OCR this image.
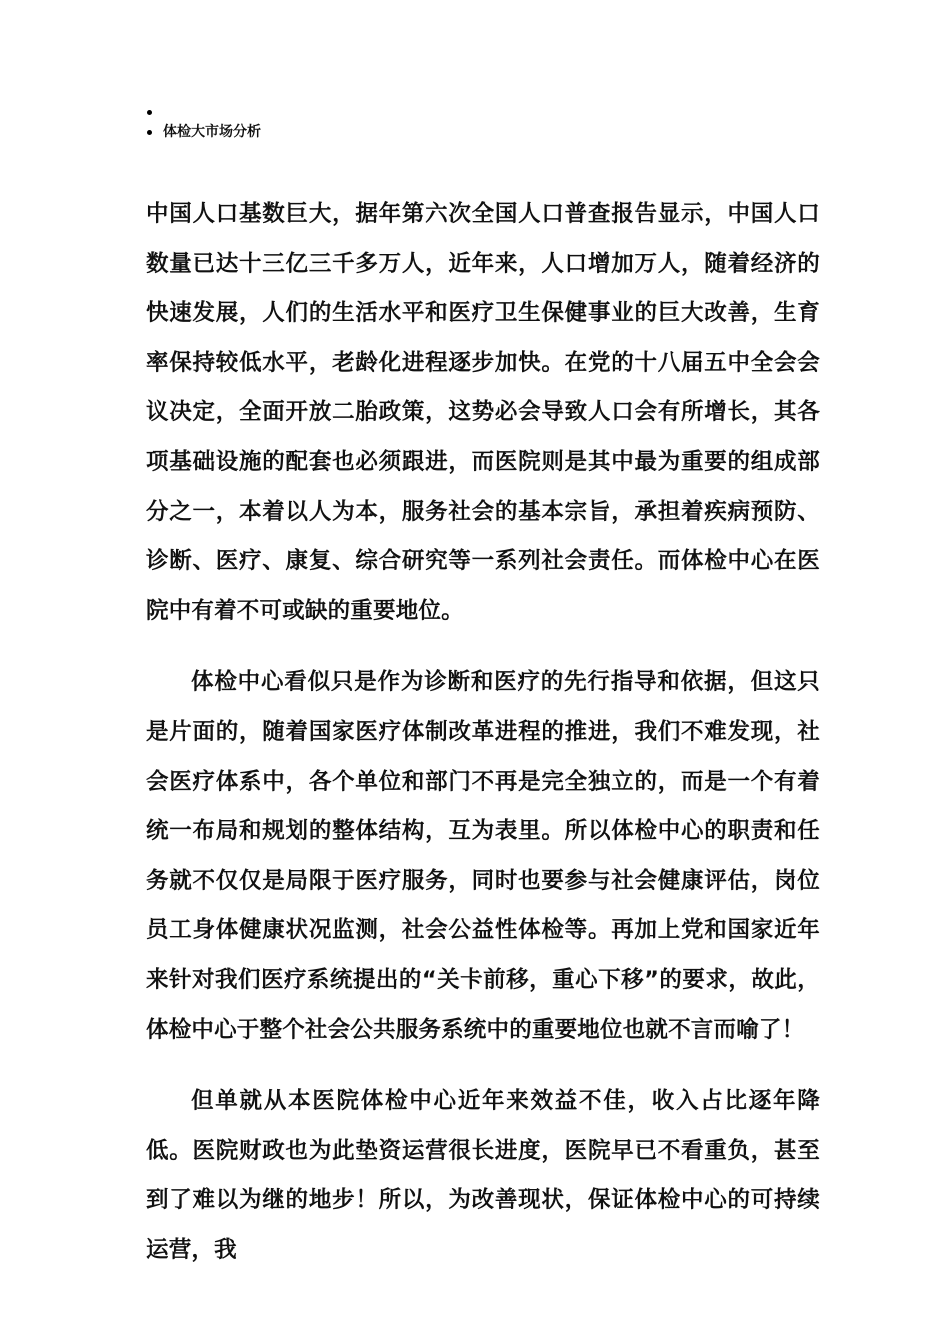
体检大市场分析

中国人口基数巨大，据年第六次全国人口普查报告显示，中国人口数量已达十三亿三千多万人，近年来，人口增加万人，随着经济的快速发展，人们的生活水平和医疗卫生保健事业的巨大改善，生育率保持较低水平，老龄化进程逐步加快。在党的十八届五中全会会议决定，全面开放二胎政策，这势必会导致人口会有所增长，其各项基础设施的配套也必须跟进，而医院则是其中最为重要的组成部分之一，本着以人为本，服务社会的基本宗旨，承担着疾病预防、诊断、医疗、康复、综合研究等一系列社会责任。而体检中心在医院中有着不可或缺的重要地位。

体检中心看似只是作为诊断和医疗的先行指导和依据，但这只是片面的，随着国家医疗体制改革进程的推进，我们不难发现，社会医疗体系中，各个单位和部门不再是完全独立的，而是一个有着统一布局和规划的整体结构，互为表里。所以体检中心的职责和任务就不仅仅是局限于医疗服务，同时也要参与社会健康评估，岗位员工身体健康状况监测，社会公益性体检等。再加上党和国家近年来针对我们医疗系统提出的“关卡前移，重心下移”的要求，故此，体检中心于整个社会公共服务系统中的重要地位也就不言而喻了！

但单就从本医院体检中心近年来效益不佳，收入占比逐年降低。医院财政也为此垫资运营很长进度，医院早已不看重负，甚至到了难以为继的地步！所以，为改善现状，保证体检中心的可持续运营，我
